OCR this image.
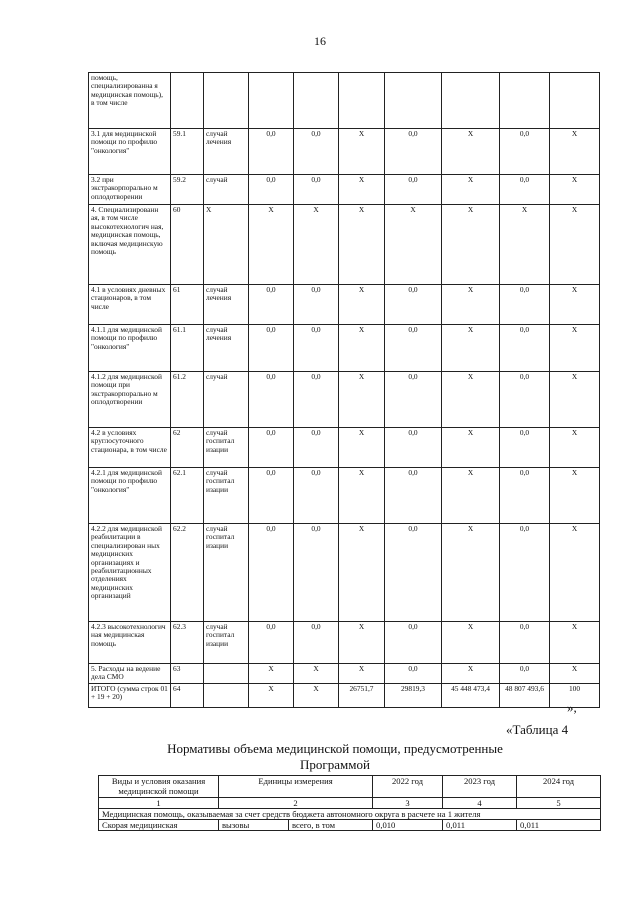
16
помощь, специализированна я медицинская помощь), в том числе									
3.1 для медицинской помощи по профилю "онкология"	59.1	случай лечения	0,0	0,0	X	0,0	X	0,0	X
3.2 при экстракорпорально м оплодотворении	59.2	случай	0,0	0,0	X	0,0	X	0,0	X
4. Специализированн ая, в том числе высокотехнологич ная, медицинская помощь, включая медицинскую помощь	60	X	X	X	X	X	X	X	X
4.1 в условиях дневных стационаров, в том числе	61	случай лечения	0,0	0,0	X	0,0	X	0,0	X
4.1.1 для медицинской помощи по профилю "онкология"	61.1	случай лечения	0,0	0,0	X	0,0	X	0,0	X
4.1.2 для медицинской помощи при экстракорпорально м оплодотворении	61.2	случай	0,0	0,0	X	0,0	X	0,0	X
4.2 в условиях круглосуточного стационара, в том числе	62	случай госпитал изации	0,0	0,0	X	0,0	X	0,0	X
4.2.1 для медицинской помощи по профилю "онкология"	62.1	случай госпитал изации	0,0	0,0	X	0,0	X	0,0	X
4.2.2 для медицинской реабилитации в специализирован ных медицинских организациях и реабилитационных отделениях медицинских организаций	62.2	случай госпитал изации	0,0	0,0	X	0,0	X	0,0	X
4.2.3 высокотехнологич ная медицинская помощь	62.3	случай госпитал изации	0,0	0,0	X	0,0	X	0,0	X
5. Расходы на ведение дела СМО	63		X	X	X	0,0	X	0,0	X
ИТОГО (сумма строк 01 + 19 + 20)	64		X	X	26751,7	29819,3	45 448 473,4	48 807 493,6	100
»,
«Таблица 4
Нормативы объема медицинской помощи, предусмотренные Программой
Виды и условия оказания медицинской помощи	Единицы измерения		2022 год	2023 год	2024 год
1	2		3	4	5
Медицинская помощь, оказываемая за счет средств бюджета автономного округа в расчете на 1 жителя					
Скорая медицинская	вызовы	всего, в том	0,010	0,011	0,011
